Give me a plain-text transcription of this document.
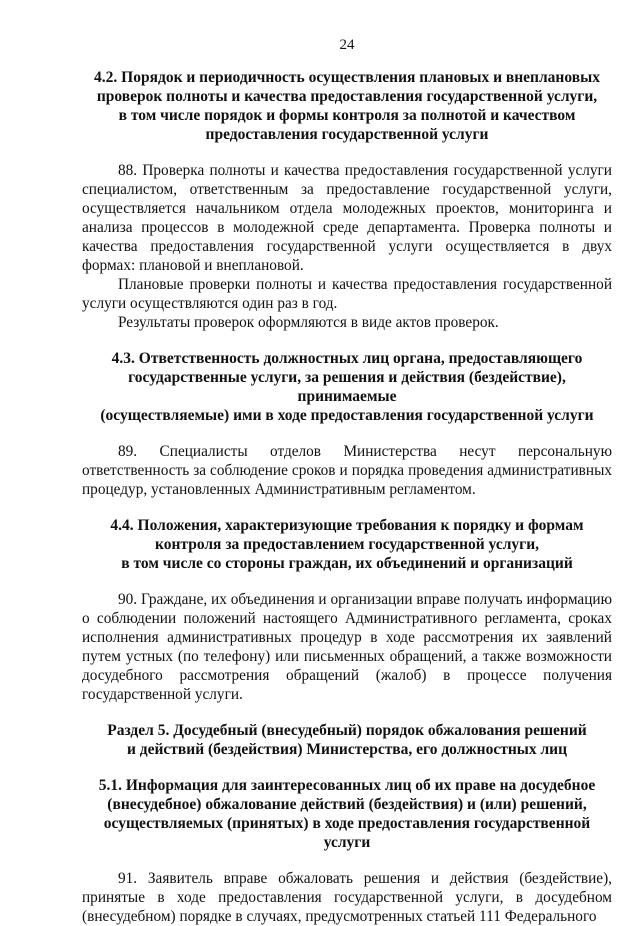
24
4.2. Порядок и периодичность осуществления плановых и внеплановых
проверок полноты и качества предоставления государственной услуги,
в том числе порядок и формы контроля за полнотой и качеством
предоставления государственной услуги

88. Проверка полноты и качества предоставления государственной услуги специалистом, ответственным за предоставление государственной услуги, осуществляется начальником отдела молодежных проектов, мониторинга и анализа процессов в молодежной среде департамента. Проверка полноты и качества предоставления государственной услуги осуществляется в двух формах: плановой и внеплановой.

Плановые проверки полноты и качества предоставления государственной услуги осуществляются один раз в год.

Результаты проверок оформляются в виде актов проверок.

4.3. Ответственность должностных лиц органа, предоставляющего
государственные услуги, за решения и действия (бездействие), принимаемые
(осуществляемые) ими в ходе предоставления государственной услуги

89. Специалисты отделов Министерства несут персональную ответственность за соблюдение сроков и порядка проведения административных процедур, установленных Административным регламентом.

4.4. Положения, характеризующие требования к порядку и формам
контроля за предоставлением государственной услуги,
в том числе со стороны граждан, их объединений и организаций

90. Граждане, их объединения и организации вправе получать информацию о соблюдении положений настоящего Административного регламента, сроках исполнения административных процедур в ходе рассмотрения их заявлений путем устных (по телефону) или письменных обращений, а также возможности досудебного рассмотрения обращений (жалоб) в процессе получения государственной услуги.

Раздел 5. Досудебный (внесудебный) порядок обжалования решений
и действий (бездействия) Министерства, его должностных лиц
5.1. Информация для заинтересованных лиц об их праве на досудебное
(внесудебное) обжалование действий (бездействия) и (или) решений,
осуществляемых (принятых) в ходе предоставления государственной услуги

91. Заявитель вправе обжаловать решения и действия (бездействие), принятые в ходе предоставления государственной услуги, в досудебном (внесудебном) порядке в случаях, предусмотренных статьей 111 Федерального
